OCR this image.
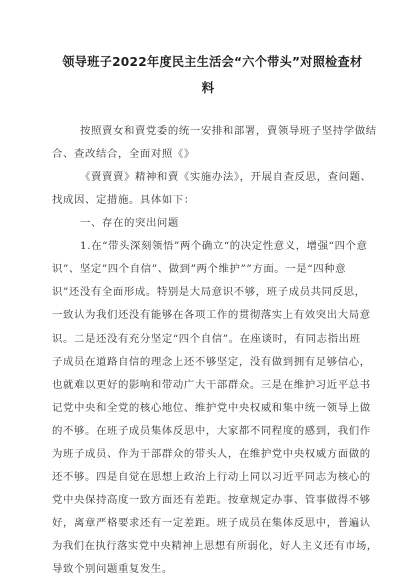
领导班子2022年度民主生活会“六个带头”对照检查材
料
按照賣女和賣党委的统一安排和部署，賣领导班子坚持学做结
合、查改结合，全面对照《》
《賣賣賣》精神和賣《实施办法》，开展自查反思，查问题、
找成因、定措施。具体如下：
一、存在的突出问题
1.在“带头深刻领悟”两个确立“的决定性意义，增强“四个意
识”、坚定”四个自信”、做到”两个维护””方面。一是“四种意
识”还没有全面形成。特别是大局意识不够，班子成员共同反思，
一致认为我们还没有能够在各项工作的贯彻落实上有效突出大局意
识。二是还没有充分坚定“四个自信”。在座谈时，有同志指出班
子成员在道路自信的理念上还不够坚定，没有做到拥有足够信心，
也就难以更好的影响和带动广大干部群众。三是在维护习近平总书
记党中央和全党的核心地位、维护党中央权威和集中统一领导上做
的不够。在班子成员集体反思中，大家都不同程度的感到，我们作
为班子成员、作为干部群众的带头人，在维护党中央权威方面做的
还不够。四是自觉在思想上政治上行动上同以习近平同志为核心的
党中央保持高度一致方面还有差距。按章规定办事、管事做得不够
好，离章严格要求还有一定差距。班子成员在集体反思中，普遍认
为我们在执行落实党中央精神上思想有所弱化，好人主义还有市场，
导致个别问题重复发生。
